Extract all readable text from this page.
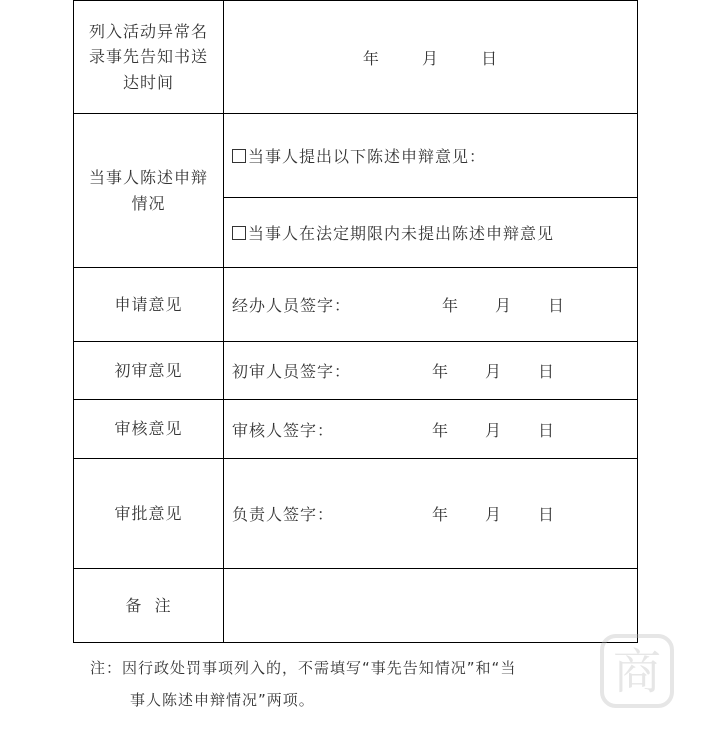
列入活动异常名
录事先告知书送
达时间	年 月 日

当事人陈述申辩
情况	当事人提出以下陈述申辩意见：
	当事人在法定期限内未提出陈述申辩意见
申请意见	经办人员签字： 年 月 日
初审意见	初审人员签字： 年 月 日
审核意见	审核人签字： 年 月 日
审批意见	负责人签字： 年 月 日
备  注	
注：因行政处罚事项列入的，不需填写“事先告知情况”和“当
事人陈述申辩情况”两项。	商
